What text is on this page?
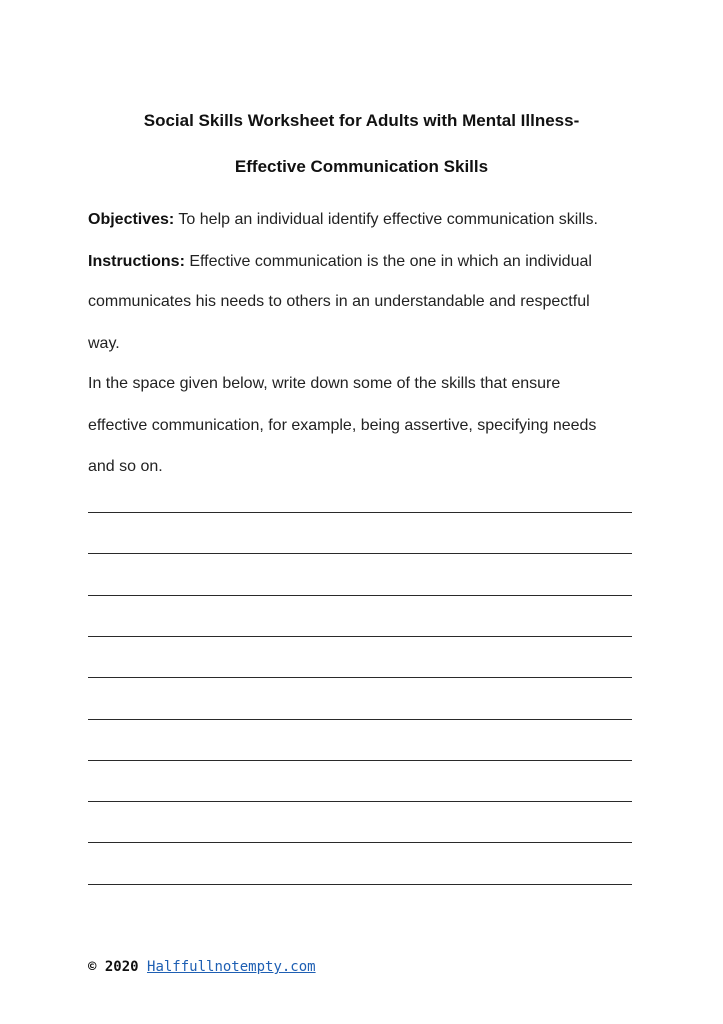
Social Skills Worksheet for Adults with Mental Illness-
Effective Communication Skills

Objectives: To help an individual identify effective communication skills.

Instructions: Effective communication is the one in which an individual

communicates his needs to others in an understandable and respectful

way.

In the space given below, write down some of the skills that ensure

effective communication, for example, being assertive, specifying needs

and so on.

© 2020 Halffullnotempty.com
